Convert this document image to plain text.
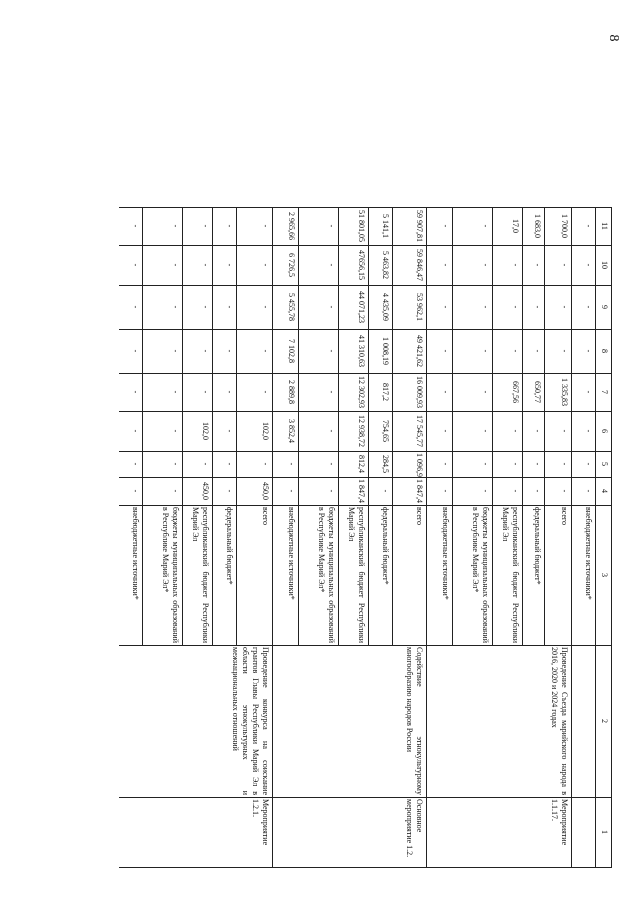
8
1
2
3
4
5
6
7
8
9
10
11
внебюджетные источники*
-
-
-
-
-
-
-
-
Мероприятие 1.1.17.
Проведение Съезда марийского народа в 2016, 2020 и 2024 годах
всего
-
-
-
1 335,83
-
-
-
1 700,0
федеральный бюджет*
-
-
-
650,77
-
-
-
1 683,0
республиканский бюджет Республики Марий Эл
-
-
-
667,56
-
-
-
17,0
бюджеты муниципальных образований в Республике Марий Эл*
-
-
-
-
-
-
-
-
внебюджетные источники*
-
-
-
-
-
-
-
-
Основное мероприятие 1.2.
Содействие этнокультурному многообразию народов России
всего
1 847,4
1 096,9
17 545,77
16 009,93
49 421,62
53 962,1
59 846,47
59 907,81
федеральный бюджет*
-
284,5
754,65
817,2
1 008,19
4 435,09
5 463,82
5 141,1
республиканский бюджет Республики Марий Эл
1 847,4
812,4
12 938,72
12 302,93
41 310,63
44 071,23
47656,15
51 801,05
бюджеты муниципальных образований в Республике Марий Эл*
-
-
-
-
-
-
-
-
внебюджетные источники*
-
-
3 852,4
2 889,8
7 102,8
5 455,78
6 726,5
2 965,66
Мероприятие 1.2.1.
Проведение конкурса на соискание грантов Главы Республики Марий Эл в области этнокультурных и межнациональных отношений
всего
450,0
-
102,0
-
-
-
-
-
федеральный бюджет*
-
-
-
-
-
-
-
-
республиканский бюджет Республики Марий Эл
450,0
-
102,0
-
-
-
-
-
бюджеты муниципальных образований в Республике Марий Эл*
-
-
-
-
-
-
-
-
внебюджетные источники*
-
-
-
-
-
-
-
-
